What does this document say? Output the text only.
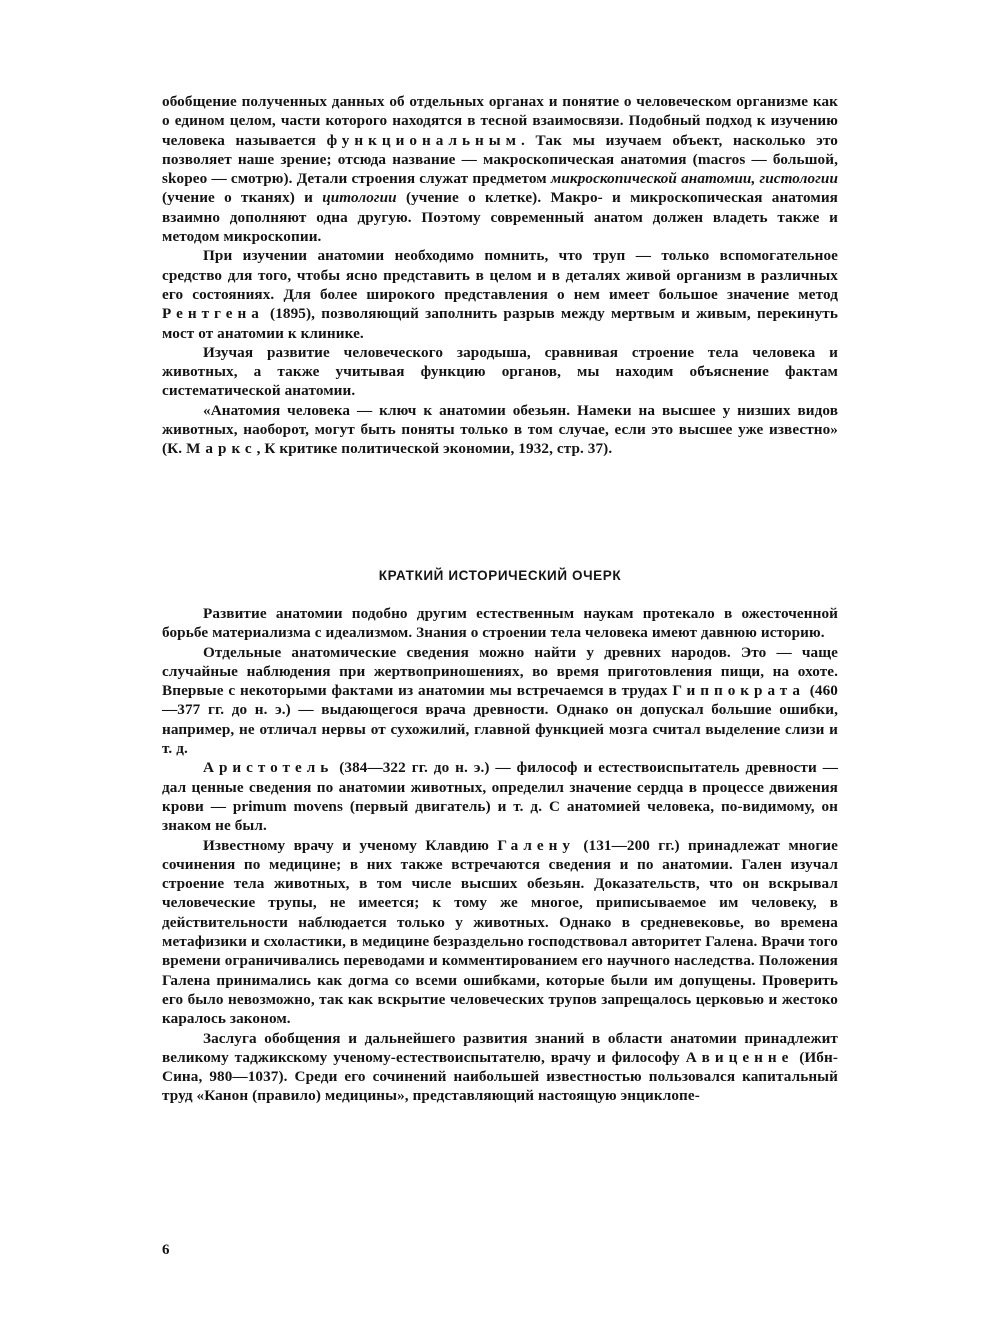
обобщение полученных данных об отдельных органах и понятие о человеческом организме как о едином целом, части которого находятся в тесной взаимосвязи. Подобный подход к изучению человека называется функциональным. Так мы изучаем объект, насколько это позволяет наше зрение; отсюда название — макроскопическая анатомия (macros — большой, skopeo — смотрю). Детали строения служат предметом микроскопической анатомии, гистологии (учение о тканях) и цитологии (учение о клетке). Макро- и микроскопическая анатомия взаимно дополняют одна другую. Поэтому современный анатом должен владеть также и методом микроскопии.

При изучении анатомии необходимо помнить, что труп — только вспомогательное средство для того, чтобы ясно представить в целом и в деталях живой организм в различных его состояниях. Для более широкого представления о нем имеет большое значение метод Рентгена (1895), позволяющий заполнить разрыв между мертвым и живым, перекинуть мост от анатомии к клинике.

Изучая развитие человеческого зародыша, сравнивая строение тела человека и животных, а также учитывая функцию органов, мы находим объяснение фактам систематической анатомии.

«Анатомия человека — ключ к анатомии обезьян. Намеки на высшее у низших видов животных, наоборот, могут быть поняты только в том случае, если это высшее уже известно» (К. Маркс, К критике политической экономии, 1932, стр. 37).

КРАТКИЙ ИСТОРИЧЕСКИЙ ОЧЕРК

Развитие анатомии подобно другим естественным наукам протекало в ожесточенной борьбе материализма с идеализмом. Знания о строении тела человека имеют давнюю историю.

Отдельные анатомические сведения можно найти у древних народов. Это — чаще случайные наблюдения при жертвоприношениях, во время приготовления пищи, на охоте. Впервые с некоторыми фактами из анатомии мы встречаемся в трудах Гиппократа (460—377 гг. до н. э.) — выдающегося врача древности. Однако он допускал большие ошибки, например, не отличал нервы от сухожилий, главной функцией мозга считал выделение слизи и т. д.

Аристотель (384—322 гг. до н. э.) — философ и естествоиспытатель древности — дал ценные сведения по анатомии животных, определил значение сердца в процессе движения крови — primum movens (первый двигатель) и т. д. С анатомией человека, по-видимому, он знаком не был.

Известному врачу и ученому Клавдию Галену (131—200 гг.) принадлежат многие сочинения по медицине; в них также встречаются сведения и по анатомии. Гален изучал строение тела животных, в том числе высших обезьян. Доказательств, что он вскрывал человеческие трупы, не имеется; к тому же многое, приписываемое им человеку, в действительности наблюдается только у животных. Однако в средневековье, во времена метафизики и схоластики, в медицине безраздельно господствовал авторитет Галена. Врачи того времени ограничивались переводами и комментированием его научного наследства. Положения Галена принимались как догма со всеми ошибками, которые были им допущены. Проверить его было невозможно, так как вскрытие человеческих трупов запрещалось церковью и жестоко каралось законом.

Заслуга обобщения и дальнейшего развития знаний в области анатомии принадлежит великому таджикскому ученому-естествоиспытателю, врачу и философу Авиценне (Ибн-Сина, 980—1037). Среди его сочинений наибольшей известностью пользовался капитальный труд «Канон (правило) медицины», представляющий настоящую энциклопе-

6
